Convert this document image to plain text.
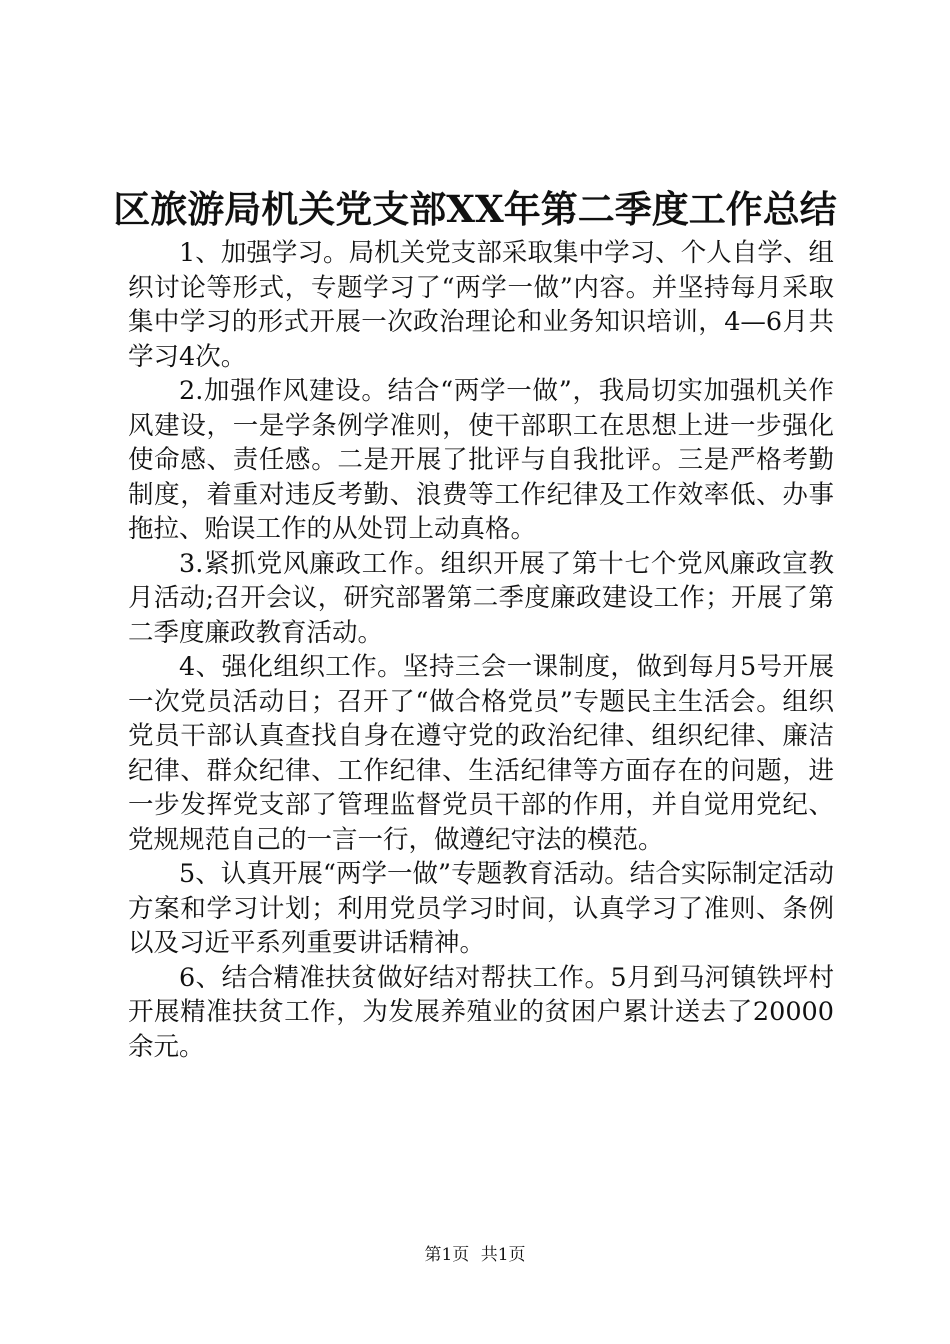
区旅游局机关党支部XX年第二季度工作总结

1、加强学习。局机关党支部采取集中学习、个人自学、组织讨论等形式，专题学习了“两学一做”内容。并坚持每月采取集中学习的形式开展一次政治理论和业务知识培训，4—6月共学习4次。

2.加强作风建设。结合“两学一做”，我局切实加强机关作风建设，一是学条例学准则，使干部职工在思想上进一步强化使命感、责任感。二是开展了批评与自我批评。三是严格考勤制度，着重对违反考勤、浪费等工作纪律及工作效率低、办事拖拉、贻误工作的从处罚上动真格。

3.紧抓党风廉政工作。组织开展了第十七个党风廉政宣教月活动;召开会议，研究部署第二季度廉政建设工作；开展了第二季度廉政教育活动。

4、强化组织工作。坚持三会一课制度，做到每月5号开展一次党员活动日；召开了“做合格党员”专题民主生活会。组织党员干部认真查找自身在遵守党的政治纪律、组织纪律、廉洁纪律、群众纪律、工作纪律、生活纪律等方面存在的问题，进一步发挥党支部了管理监督党员干部的作用，并自觉用党纪、党规规范自己的一言一行，做遵纪守法的模范。

5、认真开展“两学一做”专题教育活动。结合实际制定活动方案和学习计划；利用党员学习时间，认真学习了准则、条例以及习近平系列重要讲话精神。

6、结合精准扶贫做好结对帮扶工作。5月到马河镇铁坪村开展精准扶贫工作，为发展养殖业的贫困户累计送去了20000余元。

第1页 共1页
